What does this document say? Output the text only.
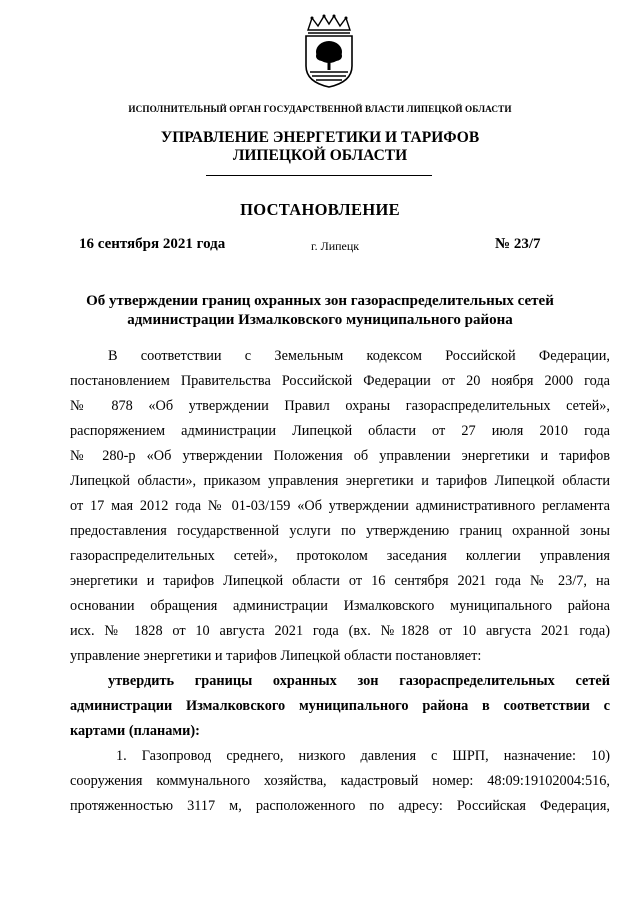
ИСПОЛНИТЕЛЬНЫЙ ОРГАН ГОСУДАРСТВЕННОЙ ВЛАСТИ ЛИПЕЦКОЙ ОБЛАСТИ
УПРАВЛЕНИЕ ЭНЕРГЕТИКИ И ТАРИФОВ
ЛИПЕЦКОЙ ОБЛАСТИ
ПОСТАНОВЛЕНИЕ
16 сентября 2021 года	г. Липецк	№ 23/7
Об утверждении границ охранных зон газораспределительных сетей
администрации Измалковского муниципального района
В соответствии с Земельным кодексом Российской Федерации,
постановлением Правительства Российской Федерации от 20 ноября 2000 года
№ 878 «Об утверждении Правил охраны газораспределительных сетей»,
распоряжением администрации Липецкой области от 27 июля 2010 года
№ 280-р «Об утверждении Положения об управлении энергетики и тарифов
Липецкой области», приказом управления энергетики и тарифов Липецкой области
от 17 мая 2012 года № 01-03/159 «Об утверждении административного регламента
предоставления государственной услуги по утверждению границ охранной зоны
газораспределительных сетей», протоколом заседания коллегии управления
энергетики и тарифов Липецкой области от 16 сентября 2021 года № 23/7, на
основании обращения администрации Измалковского муниципального района
исх. № 1828 от 10 августа 2021 года (вх. №1828 от 10 августа 2021 года)
управление энергетики и тарифов Липецкой области постановляет:
утвердить границы охранных зон газораспределительных сетей
администрации Измалковского муниципального района в соответствии с
картами (планами):
1. Газопровод среднего, низкого давления с ШРП, назначение: 10)
сооружения коммунального хозяйства, кадастровый номер: 48:09:19102004:516,
протяженностью 3117 м, расположенного по адресу: Российская Федерация,
